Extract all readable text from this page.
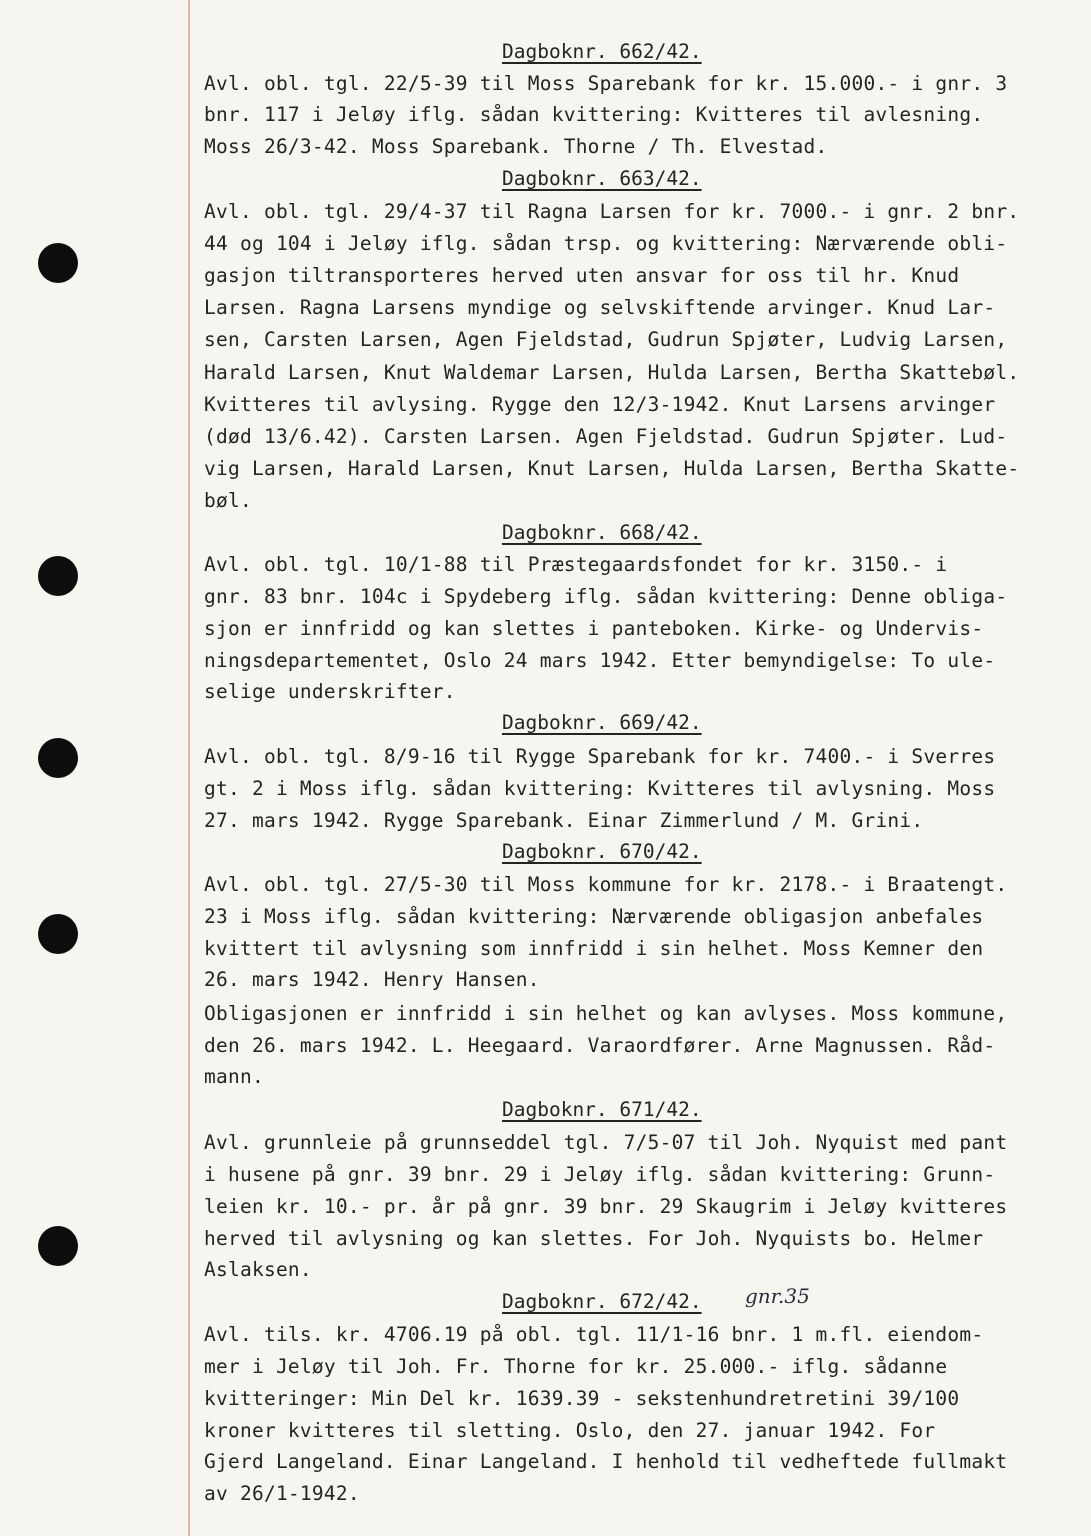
Dagboknr. 662/42.
Avl. obl. tgl. 22/5-39 til Moss Sparebank for kr. 15.000.- i gnr. 3
bnr. 117 i Jeløy iflg. sådan kvittering: Kvitteres til avlesning.
Moss 26/3-42. Moss Sparebank. Thorne / Th. Elvestad.
Dagboknr. 663/42.
Avl. obl. tgl. 29/4-37 til Ragna Larsen for kr. 7000.- i gnr. 2 bnr.
44 og 104 i Jeløy iflg. sådan trsp. og kvittering: Nærværende obli-
gasjon tiltransporteres herved uten ansvar for oss til hr. Knud
Larsen. Ragna Larsens myndige og selvskiftende arvinger. Knud Lar-
sen, Carsten Larsen, Agen Fjeldstad, Gudrun Spjøter, Ludvig Larsen,
Harald Larsen, Knut Waldemar Larsen, Hulda Larsen, Bertha Skattebøl.
Kvitteres til avlysing. Rygge den 12/3-1942. Knut Larsens arvinger
(død 13/6.42). Carsten Larsen. Agen Fjeldstad. Gudrun Spjøter. Lud-
vig Larsen, Harald Larsen, Knut Larsen, Hulda Larsen, Bertha Skatte-
bøl.
Dagboknr. 668/42.
Avl. obl. tgl. 10/1-88 til Præstegaardsfondet for kr. 3150.- i
gnr. 83 bnr. 104c i Spydeberg iflg. sådan kvittering: Denne obliga-
sjon er innfridd og kan slettes i panteboken. Kirke- og Undervis-
ningsdepartementet, Oslo 24 mars 1942. Etter bemyndigelse: To ule-
selige underskrifter.
Dagboknr. 669/42.
Avl. obl. tgl. 8/9-16 til Rygge Sparebank for kr. 7400.- i Sverres
gt. 2 i Moss iflg. sådan kvittering: Kvitteres til avlysning. Moss
27. mars 1942. Rygge Sparebank. Einar Zimmerlund / M. Grini.
Dagboknr. 670/42.
Avl. obl. tgl. 27/5-30 til Moss kommune for kr. 2178.- i Braatengt.
23 i Moss iflg. sådan kvittering: Nærværende obligasjon anbefales
kvittert til avlysning som innfridd i sin helhet. Moss Kemner den
26. mars 1942. Henry Hansen.
Obligasjonen er innfridd i sin helhet og kan avlyses. Moss kommune,
den 26. mars 1942. L. Heegaard. Varaordfører. Arne Magnussen. Råd-
mann.
Dagboknr. 671/42.
Avl. grunnleie på grunnseddel tgl. 7/5-07 til Joh. Nyquist med pant
i husene på gnr. 39 bnr. 29 i Jeløy iflg. sådan kvittering: Grunn-
leien kr. 10.- pr. år på gnr. 39 bnr. 29 Skaugrim i Jeløy kvitteres
herved til avlysning og kan slettes. For Joh. Nyquists bo. Helmer
Aslaksen.
Dagboknr. 672/42. gnr.35
Avl. tils. kr. 4706.19 på obl. tgl. 11/1-16 bnr. 1 m.fl. eiendom-
mer i Jeløy til Joh. Fr. Thorne for kr. 25.000.- iflg. sådanne
kvitteringer: Min Del kr. 1639.39 - sekstenhundretretini 39/100
kroner kvitteres til sletting. Oslo, den 27. januar 1942. For
Gjerd Langeland. Einar Langeland. I henhold til vedheftede fullmakt
av 26/1-1942.
